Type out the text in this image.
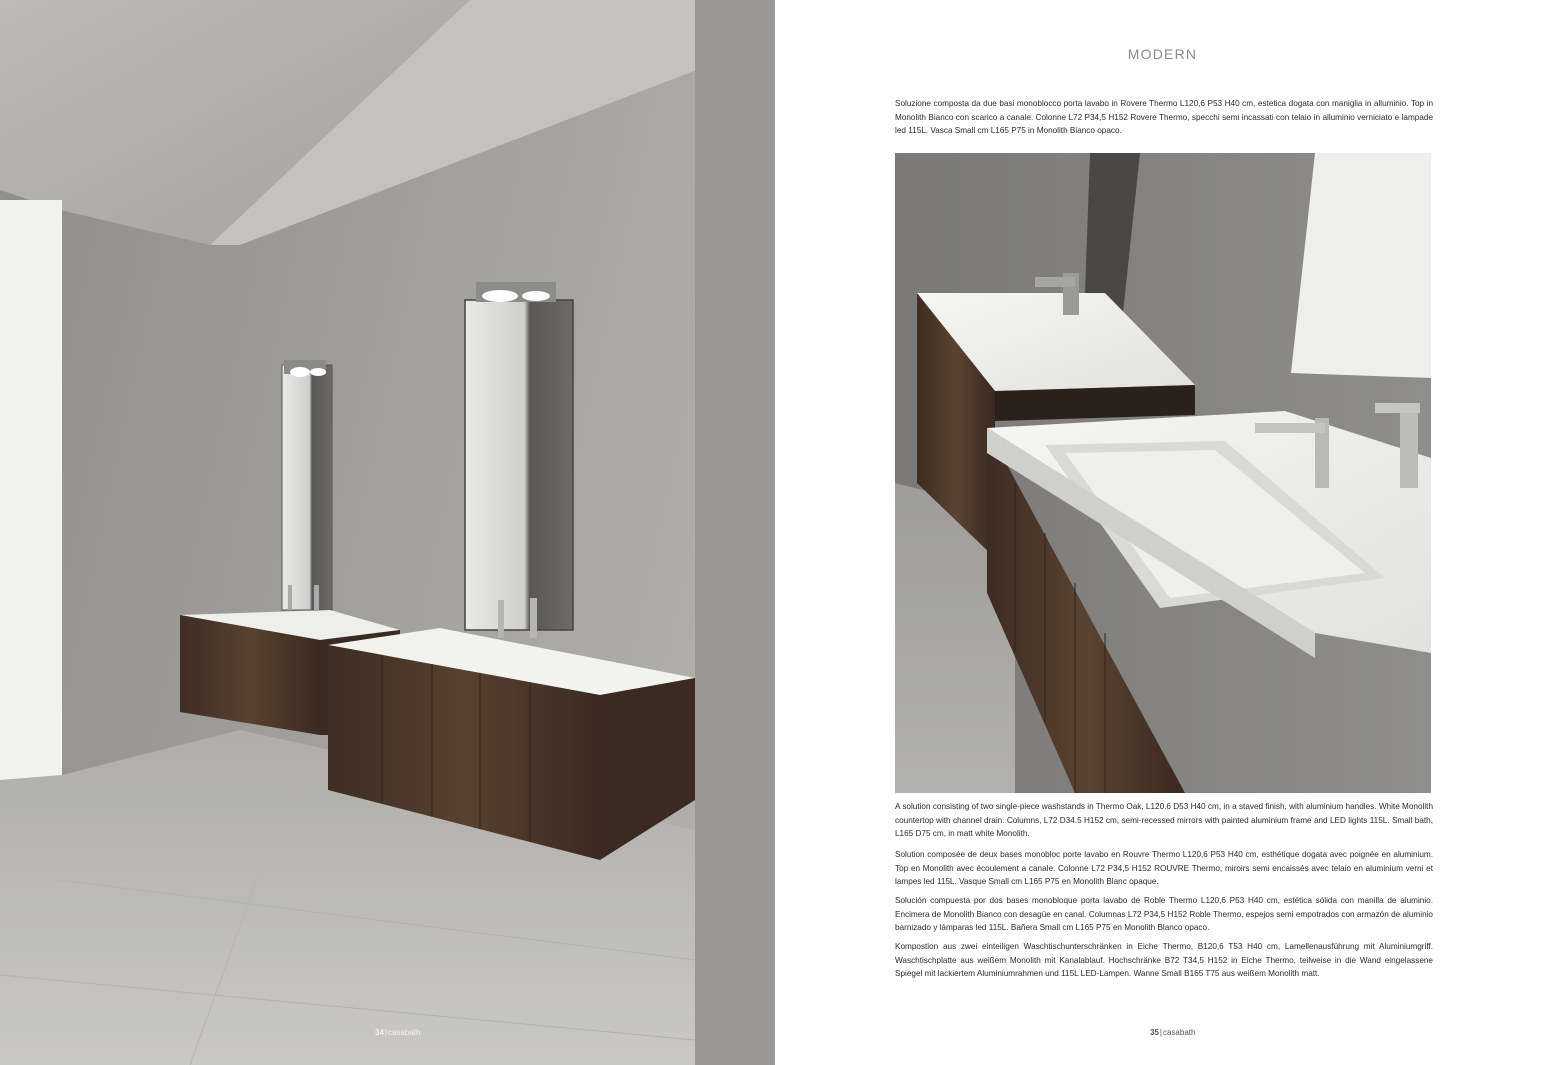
34|casabath
MODERN

Soluzione composta da due basi monoblocco porta lavabo in Rovere Thermo L120,6 P53 H40 cm, estetica dogata con maniglia in alluminio. Top in Monolith Bianco con scarico a canale. Colonne L72 P34,5 H152 Rovere Thermo, specchi semi incassati con telaio in alluminio verniciato e lampade led 115L. Vasca Small cm L165 P75 in Monolith Bianco opaco.

A solution consisting of two single-piece washstands in Thermo Oak, L120.6 D53 H40 cm, in a staved finish, with aluminium handles. White Monolith countertop with channel drain. Columns, L72 D34.5 H152 cm, semi-recessed mirrors with painted aluminium frame and LED lights 115L. Small bath, L165 D75 cm, in matt white Monolith.

Solution composée de deux bases monobloc porte lavabo en Rouvre Thermo L120,6 P53 H40 cm, esthétique dogata avec poignée en aluminium. Top en Monolith avec écoulement a canale. Colonne L72 P34,5 H152 ROUVRE Thermo, miroirs semi encaissés avec telaio en aluminium verni et lampes led 115L. Vasque Small cm L165 P75 en Monolith Blanc opaque.

Solución compuesta por dos bases monobloque porta lavabo de Roble Thermo L120,6 P53 H40 cm, estética sólida con manilla de aluminio. Encimera de Monolith Bianco con desagüe en canal. Columnas L72 P34,5 H152 Roble Thermo, espejos semi empotrados con armazón de aluminio barnizado y lámparas led 115L. Bañera Small cm L165 P75 en Monolith Blanco opaco.

Kompostion aus zwei einteiligen Waschtischunterschränken in Eiche Thermo, B120,6 T53 H40 cm, Lamellenausführung mit Aluminiumgriff. Waschtischplatte aus weißem Monolith mit Kanalablauf. Hochschränke B72 T34,5 H152 in Eiche Thermo, teilweise in die Wand eingelassene Spiegel mit lackiertem Aluminiumrahmen und 115L LED-Lampen. Wanne Small B165 T75 aus weißem Monolith matt.

35|casabath
